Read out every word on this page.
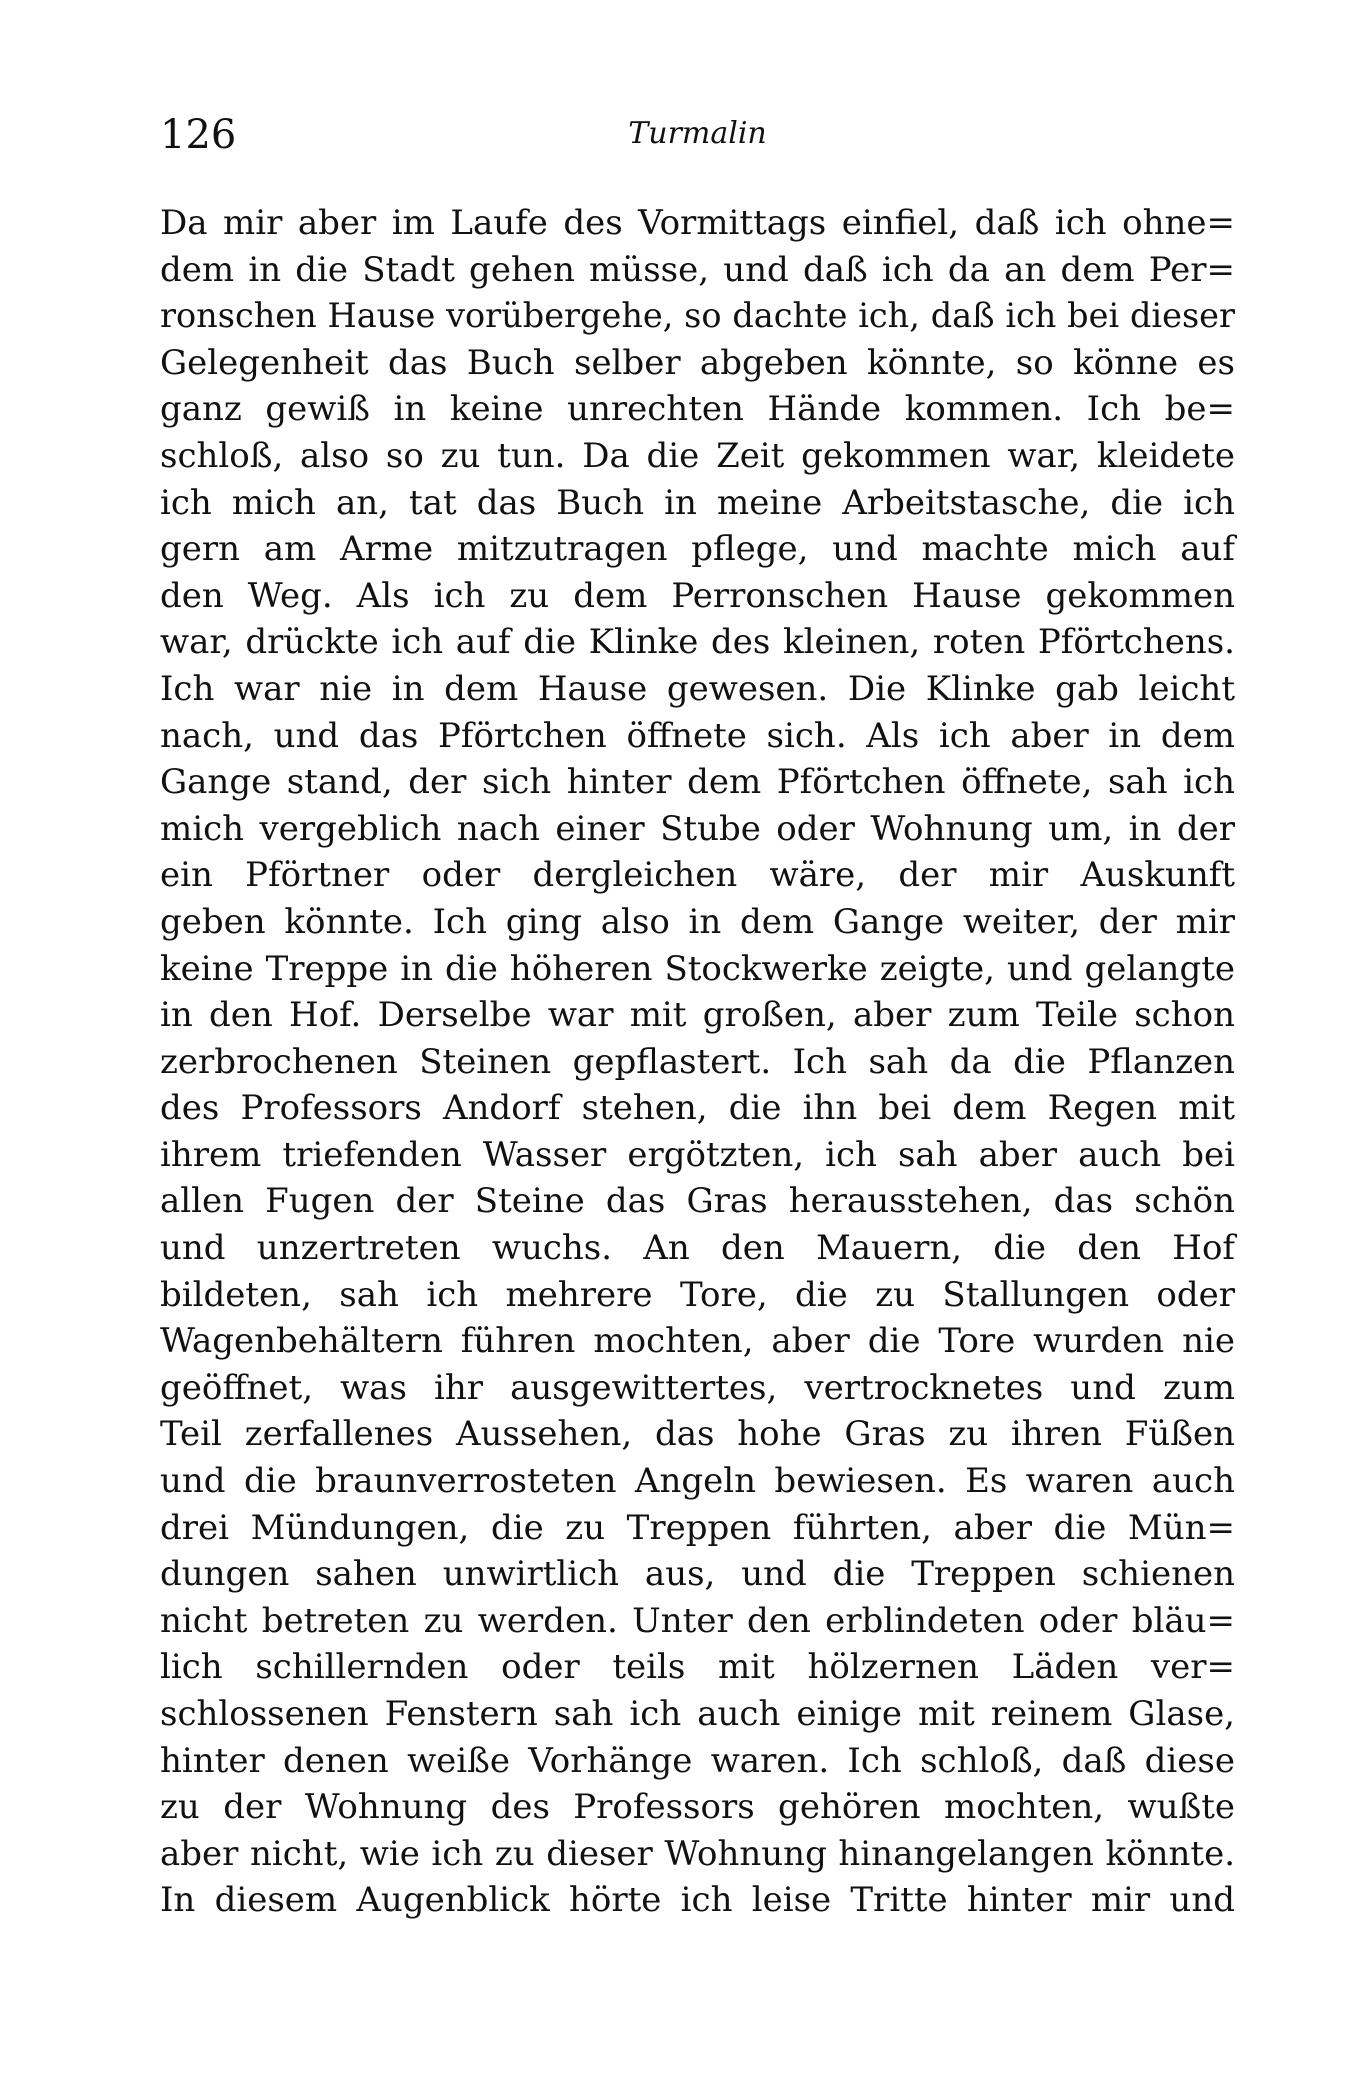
126	Turmalin
Da mir aber im Laufe des Vormittags einfiel, daß ich ohne=
dem in die Stadt gehen müsse, und daß ich da an dem Per=
ronschen Hause vorübergehe, so dachte ich, daß ich bei dieser
Gelegenheit das Buch selber abgeben könnte, so könne es
ganz gewiß in keine unrechten Hände kommen. Ich be=
schloß, also so zu tun. Da die Zeit gekommen war, kleidete
ich mich an, tat das Buch in meine Arbeitstasche, die ich
gern am Arme mitzutragen pflege, und machte mich auf
den Weg. Als ich zu dem Perronschen Hause gekommen
war, drückte ich auf die Klinke des kleinen, roten Pförtchens.
Ich war nie in dem Hause gewesen. Die Klinke gab leicht
nach, und das Pförtchen öffnete sich. Als ich aber in dem
Gange stand, der sich hinter dem Pförtchen öffnete, sah ich
mich vergeblich nach einer Stube oder Wohnung um, in der
ein Pförtner oder dergleichen wäre, der mir Auskunft
geben könnte. Ich ging also in dem Gange weiter, der mir
keine Treppe in die höheren Stockwerke zeigte, und gelangte
in den Hof. Derselbe war mit großen, aber zum Teile schon
zerbrochenen Steinen gepflastert. Ich sah da die Pflanzen
des Professors Andorf stehen, die ihn bei dem Regen mit
ihrem triefenden Wasser ergötzten, ich sah aber auch bei
allen Fugen der Steine das Gras herausstehen, das schön
und unzertreten wuchs. An den Mauern, die den Hof
bildeten, sah ich mehrere Tore, die zu Stallungen oder
Wagenbehältern führen mochten, aber die Tore wurden nie
geöffnet, was ihr ausgewittertes, vertrocknetes und zum
Teil zerfallenes Aussehen, das hohe Gras zu ihren Füßen
und die braunverrosteten Angeln bewiesen. Es waren auch
drei Mündungen, die zu Treppen führten, aber die Mün=
dungen sahen unwirtlich aus, und die Treppen schienen
nicht betreten zu werden. Unter den erblindeten oder bläu=
lich schillernden oder teils mit hölzernen Läden ver=
schlossenen Fenstern sah ich auch einige mit reinem Glase,
hinter denen weiße Vorhänge waren. Ich schloß, daß diese
zu der Wohnung des Professors gehören mochten, wußte
aber nicht, wie ich zu dieser Wohnung hinangelangen könnte.
In diesem Augenblick hörte ich leise Tritte hinter mir und
